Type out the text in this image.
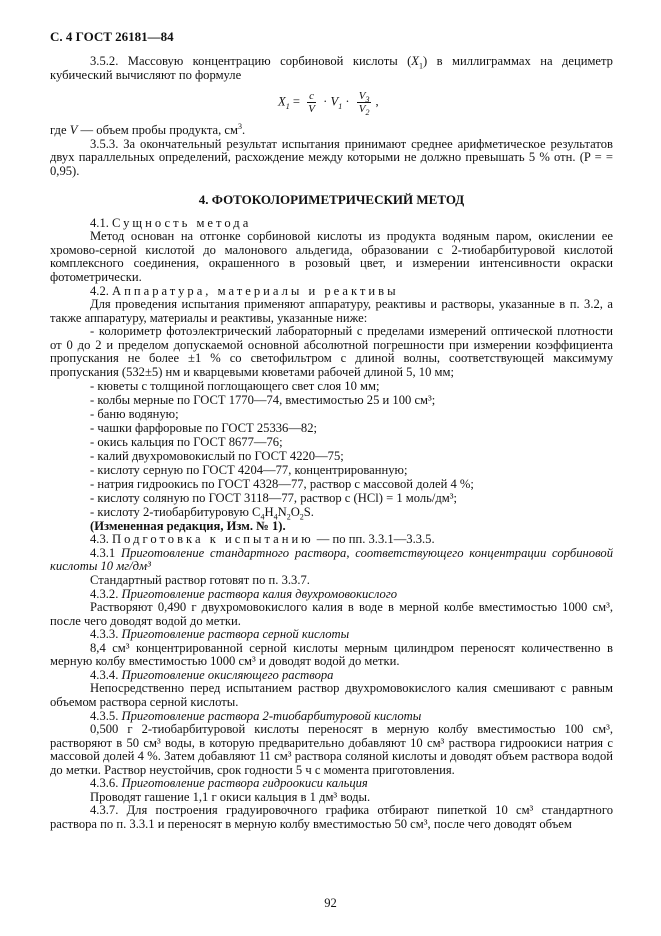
С. 4 ГОСТ 26181—84

3.5.2. Массовую концентрацию сорбиновой кислоты $(X_1)$ в миллиграммах на дециметр кубический вычисляют по формуле

$X_1 = \frac{c}{V} \cdot V_1 \cdot \frac{V_3}{V_2}$ ,

где V — объем пробы продукта, $см^3$.

3.5.3. За окончательный результат испытания принимают среднее арифметическое результатов двух параллельных определений, расхождение между которыми не должно превышать 5 % отн. (P = = 0,95).

4. ФОТОКОЛОРИМЕТРИЧЕСКИЙ МЕТОД

4.1. Сущность метода

Метод основан на отгонке сорбиновой кислоты из продукта водяным паром, окислении ее хромово-серной кислотой до малонового альдегида, образовании с 2-тиобарбитуровой кислотой комплексного соединения, окрашенного в розовый цвет, и измерении интенсивности окраски фотометрически.

4.2. Аппаратура, материалы и реактивы

Для проведения испытания применяют аппаратуру, реактивы и растворы, указанные в п. 3.2, а также аппаратуру, материалы и реактивы, указанные ниже:

- колориметр фотоэлектрический лабораторный с пределами измерений оптической плотности от 0 до 2 и пределом допускаемой основной абсолютной погрешности при измерении коэффициента пропускания не более ±1 % со светофильтром с длиной волны, соответствующей максимуму пропускания (532±5) нм и кварцевыми кюветами рабочей длиной 5, 10 мм;

- кюветы с толщиной поглощающего свет слоя 10 мм;

- колбы мерные по ГОСТ 1770—74, вместимостью 25 и 100 см³;

- баню водяную;

- чашки фарфоровые по ГОСТ 25336—82;

- окись кальция по ГОСТ 8677—76;

- калий двухромовокислый по ГОСТ 4220—75;

- кислоту серную по ГОСТ 4204—77, концентрированную;

- натрия гидроокись по ГОСТ 4328—77, раствор с массовой долей 4 %;

- кислоту соляную по ГОСТ 3118—77, раствор c (HCl) = 1 моль/дм³;

- кислоту 2-тиобарбитуровую $C_4H_4N_2O_2S$.

(Измененная редакция, Изм. № 1).

4.3. Подготовка к испытанию — по пп. 3.3.1—3.3.5.

4.3.1 Приготовление стандартного раствора, соответствующего концентрации сорбиновой кислоты 10 мг/дм³

Стандартный раствор готовят по п. 3.3.7.

4.3.2. Приготовление раствора калия двухромовокислого

Растворяют 0,490 г двухромовокислого калия в воде в мерной колбе вместимостью 1000 см³, после чего доводят водой до метки.

4.3.3. Приготовление раствора серной кислоты

8,4 см³ концентрированной серной кислоты мерным цилиндром переносят количественно в мерную колбу вместимостью 1000 см³ и доводят водой до метки.

4.3.4. Приготовление окисляющего раствора

Непосредственно перед испытанием раствор двухромовокислого калия смешивают с равным объемом раствора серной кислоты.

4.3.5. Приготовление раствора 2-тиобарбитуровой кислоты

0,500 г 2-тиобарбитуровой кислоты переносят в мерную колбу вместимостью 100 см³, растворяют в 50 см³ воды, в которую предварительно добавляют 10 см³ раствора гидроокиси натрия с массовой долей 4 %. Затем добавляют 11 см³ раствора соляной кислоты и доводят объем раствора водой до метки. Раствор неустойчив, срок годности 5 ч с момента приготовления.

4.3.6. Приготовление раствора гидроокиси кальция

Проводят гашение 1,1 г окиси кальция в 1 дм³ воды.

4.3.7. Для построения градуировочного графика отбирают пипеткой 10 см³ стандартного раствора по п. 3.3.1 и переносят в мерную колбу вместимостью 50 см³, после чего доводят объем

92
